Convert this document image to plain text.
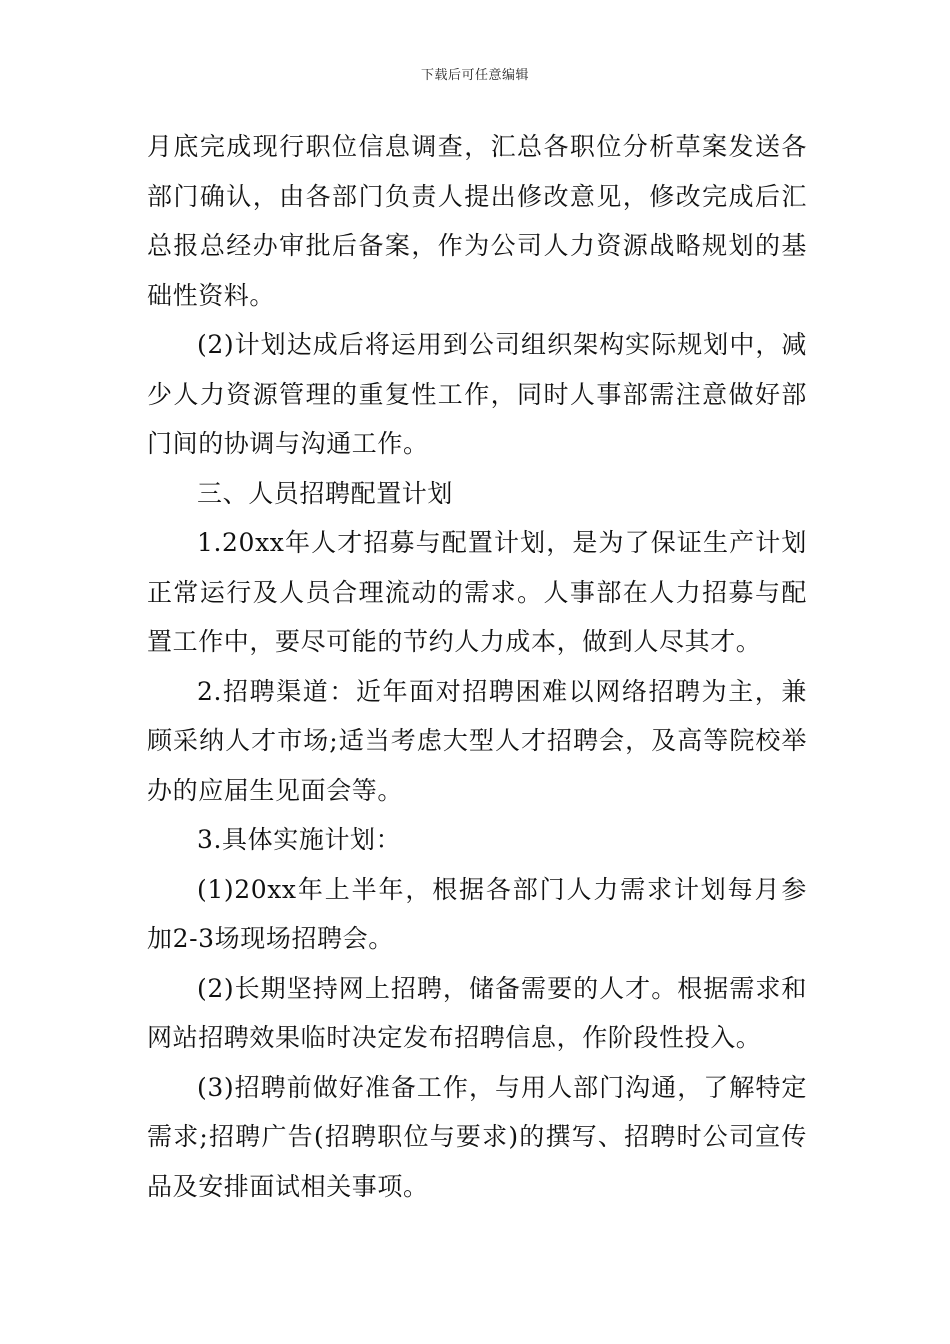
下载后可任意编辑

月底完成现行职位信息调查，汇总各职位分析草案发送各部门确认，由各部门负责人提出修改意见，修改完成后汇总报总经办审批后备案，作为公司人力资源战略规划的基础性资料。

(2)计划达成后将运用到公司组织架构实际规划中，减少人力资源管理的重复性工作，同时人事部需注意做好部门间的协调与沟通工作。

三、人员招聘配置计划

1.20xx年人才招募与配置计划，是为了保证生产计划正常运行及人员合理流动的需求。人事部在人力招募与配置工作中，要尽可能的节约人力成本，做到人尽其才。

2.招聘渠道：近年面对招聘困难以网络招聘为主，兼顾采纳人才市场;适当考虑大型人才招聘会，及高等院校举办的应届生见面会等。

3.具体实施计划：

(1)20xx年上半年，根据各部门人力需求计划每月参加2-3场现场招聘会。

(2)长期坚持网上招聘，储备需要的人才。根据需求和网站招聘效果临时决定发布招聘信息，作阶段性投入。

(3)招聘前做好准备工作，与用人部门沟通，了解特定需求;招聘广告(招聘职位与要求)的撰写、招聘时公司宣传品及安排面试相关事项。
